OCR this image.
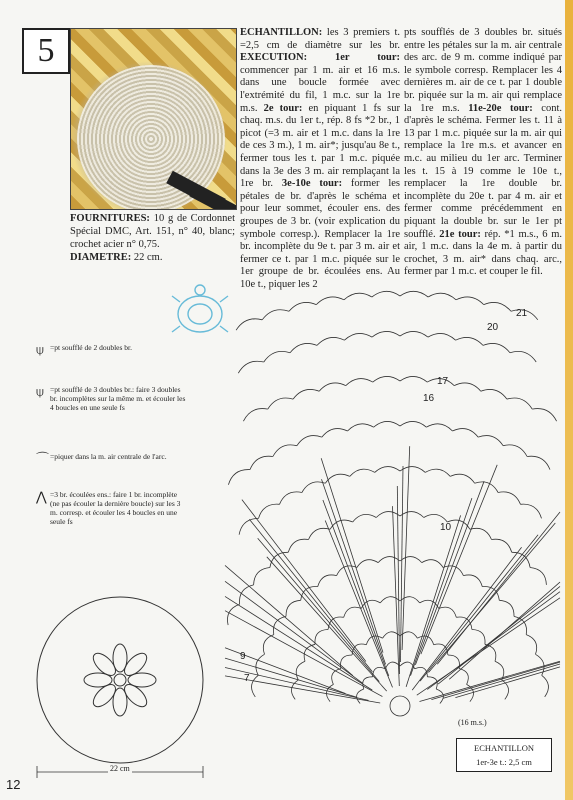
5
FOURNITURES: 10 g de Cordonnet Spécial DMC, Art. 151, n° 40, blanc; crochet acier n° 0,75.
DIAMETRE: 22 cm.
ECHANTILLON: les 3 premiers t. =2,5 cm de diamètre sur les br. EXECUTION: 1er tour: commencer par 1 m. air et 16 m.s. dans une boucle formée avec l'extrémité du fil, 1 m.c. sur la 1re m.s. 2e tour: en piquant 1 fs sur chaq. m.s. du 1er t., rép. 8 fs *2 br., 1 picot (=3 m. air et 1 m.c. dans la 1re de ces 3 m.), 1 m. air*; jusqu'au 8e t., fermer tous les t. par 1 m.c. piquée dans la 3e des 3 m. air remplaçant la 1re br. 3e-10e tour: former les pétales de br. d'après le schéma et pour leur sommet, écouler ens. des groupes de 3 br. (voir explication du symbole corresp.). Remplacer la 1re br. incomplète du 9e t. par 3 m. air et fermer ce t. par 1 m.c. piquée sur le 1er groupe de br. écoulées ens. Au 10e t., piquer les 2
pts soufflés de 3 doubles br. situés entre les pétales sur la m. air centrale des arc. de 9 m. comme indiqué par le symbole corresp. Remplacer les 4 dernières m. air de ce t. par 1 double br. piquée sur la m. air qui remplace la 1re m.s. 11e-20e tour: cont. d'après le schéma. Fermer les t. 11 à 13 par 1 m.c. piquée sur la m. air qui remplace la 1re m.s. et avancer en m.c. au milieu du 1er arc. Terminer les t. 15 à 19 comme le 10e t., remplacer la 1re double br. incomplète du 20e t. par 4 m. air et fermer comme précédemment en piquant la double br. sur le 1er pt soufflé. 21e tour: rép. *1 m.s., 6 m. air, 1 m.c. dans la 4e m. à partir du crochet, 3 m. air* dans chaq. arc., fermer par 1 m.c. et couper le fil.
⍦ =pt soufflé de 2 doubles br.
⍦ =pt soufflé de 3 doubles br.: faire 3 doubles br. incomplètes sur la même m. et écouler les 4 boucles en une seule fs
⌒ =piquer dans la m. air centrale de l'arc.
⋀ =3 br. écoulées ens.: faire 1 br. incomplète (ne pas écouler la dernière boucle) sur les 3 m. corresp. et écouler les 4 boucles en une seule fs
22 cm
(16 m.s.)
21
20
17
16
10
9
7
ECHANTILLON
1er-3e t.: 2,5 cm
12
